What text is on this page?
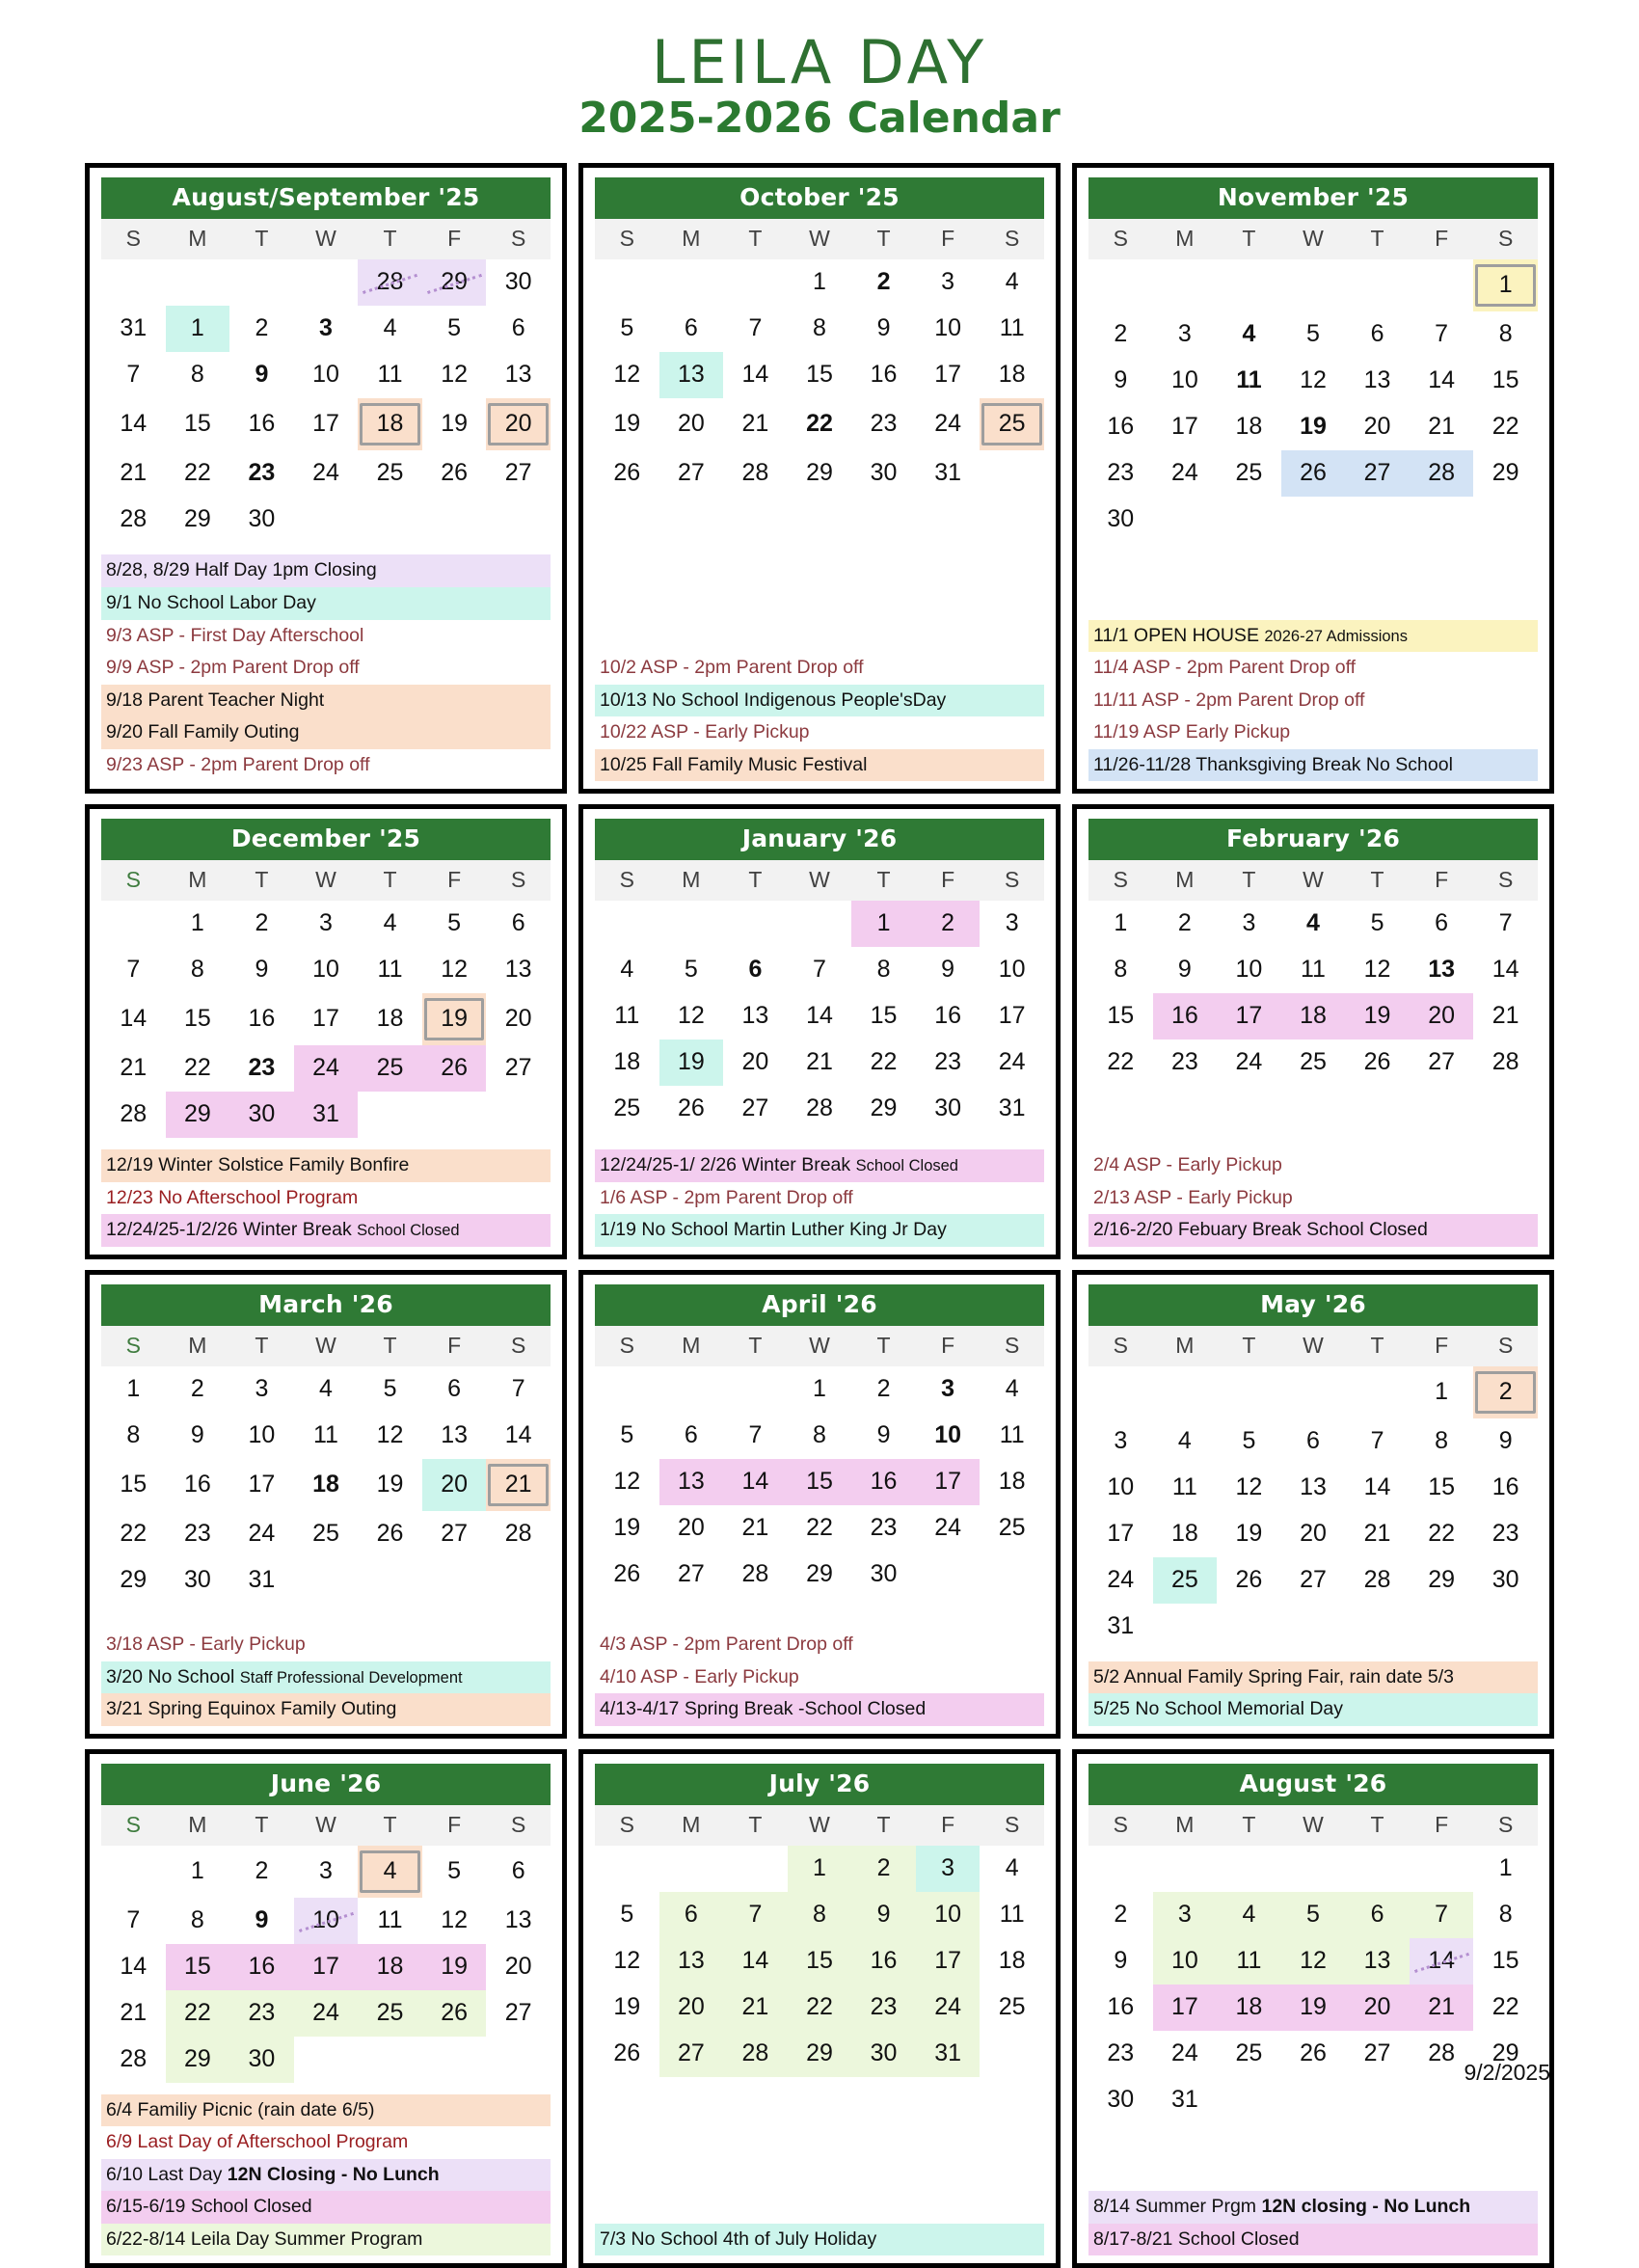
LEILA DAY
2025-2026 Calendar
August/September '25
S	M	T	W	T	F	S

				28	29	30

31	1	2	3	4	5	6

7	8	9	10	11	12	13

14	15	16	17	18	19	20

21	22	23	24	25	26	27

28	29	30				

8/28, 8/29 Half Day 1pm Closing
9/1 No School Labor Day
9/3 ASP - First Day Afterschool
9/9 ASP - 2pm Parent Drop off
9/18 Parent Teacher Night
9/20 Fall Family Outing
9/23 ASP - 2pm Parent Drop off
October '25
S	M	T	W	T	F	S

			1	2	3	4

5	6	7	8	9	10	11

12	13	14	15	16	17	18

19	20	21	22	23	24	25

26	27	28	29	30	31	

10/2 ASP - 2pm Parent Drop off
10/13 No School Indigenous People'sDay
10/22 ASP - Early Pickup
10/25 Fall Family Music Festival
November '25
S	M	T	W	T	F	S

						1

2	3	4	5	6	7	8

9	10	11	12	13	14	15

16	17	18	19	20	21	22

23	24	25	26	27	28	29

30						

11/1 OPEN HOUSE 2026-27 Admissions
11/4 ASP - 2pm Parent Drop off
11/11 ASP - 2pm Parent Drop off
11/19 ASP Early Pickup
11/26-11/28 Thanksgiving Break No School
December '25
S	M	T	W	T	F	S

	1	2	3	4	5	6

7	8	9	10	11	12	13

14	15	16	17	18	19	20

21	22	23	24	25	26	27

28	29	30	31			

12/19 Winter Solstice Family Bonfire
12/23 No Afterschool Program
12/24/25-1/2/26 Winter Break School Closed
January '26
S	M	T	W	T	F	S

				1	2	3

4	5	6	7	8	9	10

11	12	13	14	15	16	17

18	19	20	21	22	23	24

25	26	27	28	29	30	31
12/24/25-1/ 2/26 Winter Break School Closed
1/6 ASP - 2pm Parent Drop off
1/19 No School Martin Luther King Jr Day
February '26
S	M	T	W	T	F	S

1	2	3	4	5	6	7

8	9	10	11	12	13	14

15	16	17	18	19	20	21

22	23	24	25	26	27	28
2/4 ASP - Early Pickup
2/13 ASP - Early Pickup
2/16-2/20 Febuary Break School Closed
March '26
S	M	T	W	T	F	S

1	2	3	4	5	6	7

8	9	10	11	12	13	14

15	16	17	18	19	20	21

22	23	24	25	26	27	28

29	30	31				

3/18 ASP - Early Pickup
3/20 No School Staff Professional Development
3/21 Spring Equinox Family Outing
April '26
S	M	T	W	T	F	S

			1	2	3	4

5	6	7	8	9	10	11

12	13	14	15	16	17	18

19	20	21	22	23	24	25

26	27	28	29	30		

4/3 ASP - 2pm Parent Drop off
4/10 ASP - Early Pickup
4/13-4/17 Spring Break -School Closed
May '26
S	M	T	W	T	F	S

					1	2

3	4	5	6	7	8	9

10	11	12	13	14	15	16

17	18	19	20	21	22	23

24	25	26	27	28	29	30

31						

5/2 Annual Family Spring Fair, rain date 5/3
5/25 No School Memorial Day
June '26
S	M	T	W	T	F	S

	1	2	3	4	5	6

7	8	9	10	11	12	13

14	15	16	17	18	19	20

21	22	23	24	25	26	27

28	29	30				

6/4 Familiy Picnic (rain date 6/5)
6/9 Last Day of Afterschool Program
6/10 Last Day 12N Closing - No Lunch
6/15-6/19 School Closed
6/22-8/14 Leila Day Summer Program
July '26
S	M	T	W	T	F	S

			1	2	3	4

5	6	7	8	9	10	11

12	13	14	15	16	17	18

19	20	21	22	23	24	25

26	27	28	29	30	31	

7/3 No School 4th of July Holiday
August '26
S	M	T	W	T	F	S

						1

2	3	4	5	6	7	8

9	10	11	12	13	14	15

16	17	18	19	20	21	22

23	24	25	26	27	28	29

30	31					

8/14 Summer Prgm 12N closing - No Lunch
8/17-8/21 School Closed
9/2/2025
